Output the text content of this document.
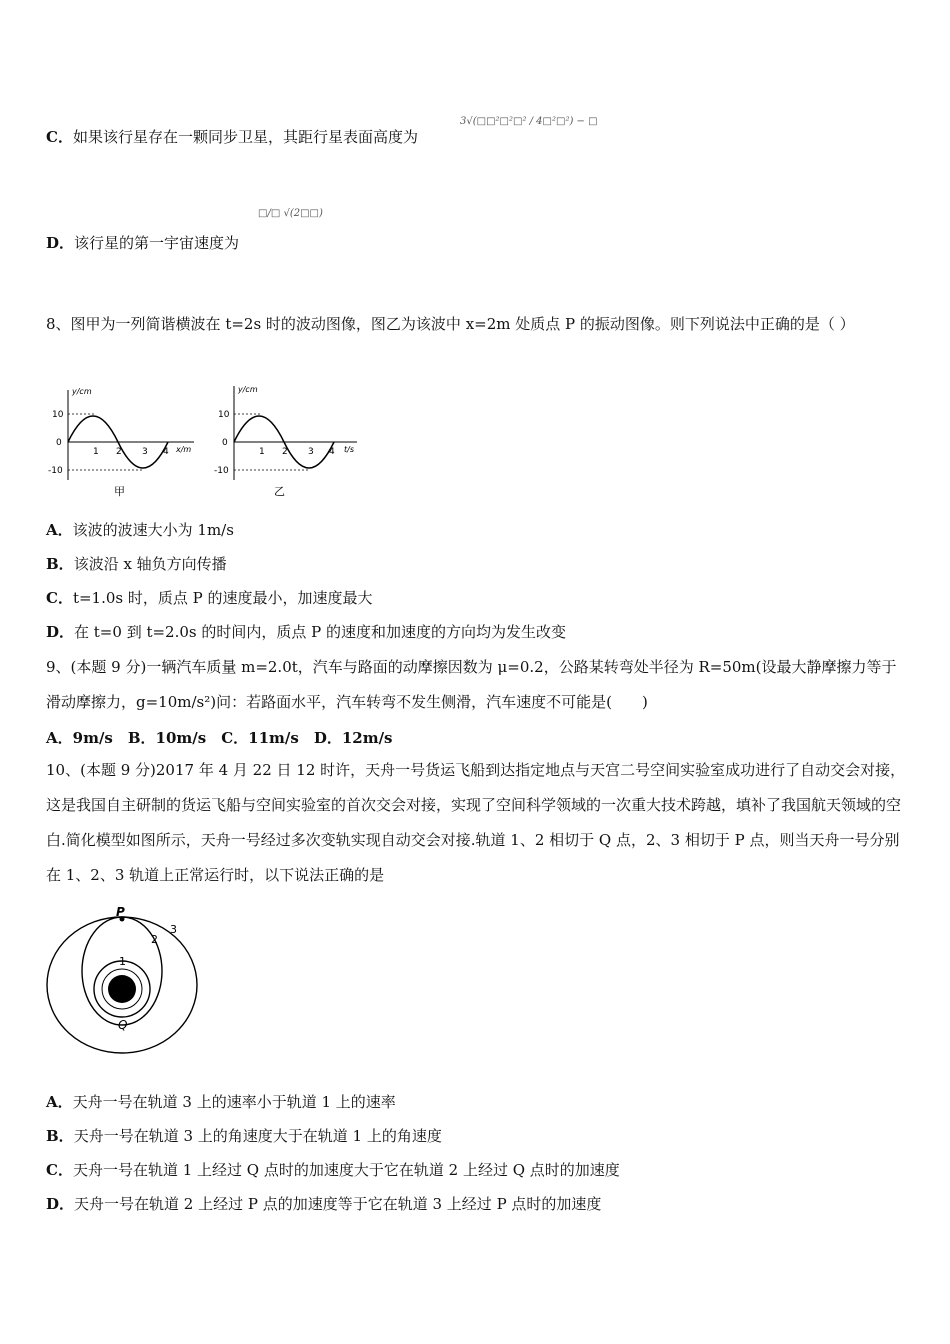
C．如果该行星存在一颗同步卫星，其距行星表面高度为
3√(□□²□²□² / 4□²□²) − □
□/□ √(2□□)
D．该行星的第一宇宙速度为
8、图甲为一列简谐横波在 t=2s 时的波动图像，图乙为该波中 x=2m 处质点 P 的振动图像。则下列说法中正确的是（ ）
y/cm
x/m
10
0
-10
1 2 3 4
甲
y/cm
t/s
10
0
-10
1 2 3 4
乙
A．该波的波速大小为 1m/s
B．该波沿 x 轴负方向传播
C．t=1.0s 时，质点 P 的速度最小，加速度最大
D．在 t=0 到 t=2.0s 的时间内，质点 P 的速度和加速度的方向均为发生改变
9、(本题 9 分)一辆汽车质量 m=2.0t，汽车与路面的动摩擦因数为 μ=0.2，公路某转弯处半径为 R=50m(设最大静摩擦力等于滑动摩擦力，g=10m/s²)问：若路面水平，汽车转弯不发生侧滑，汽车速度不可能是(　　)
A．9m/s　B．10m/s　C．11m/s　D．12m/s
10、(本题 9 分)2017 年 4 月 22 日 12 时许，天舟一号货运飞船到达指定地点与天宫二号空间实验室成功进行了自动交会对接，这是我国自主研制的货运飞船与空间实验室的首次交会对接，实现了空间科学领域的一次重大技术跨越，填补了我国航天领域的空白.简化模型如图所示，天舟一号经过多次变轨实现自动交会对接.轨道 1、2 相切于 Q 点，2、3 相切于 P 点，则当天舟一号分别在 1、2、3 轨道上正常运行时，以下说法正确的是
P
Q
1
2
3
A．天舟一号在轨道 3 上的速率小于轨道 1 上的速率
B．天舟一号在轨道 3 上的角速度大于在轨道 1 上的角速度
C．天舟一号在轨道 1 上经过 Q 点时的加速度大于它在轨道 2 上经过 Q 点时的加速度
D．天舟一号在轨道 2 上经过 P 点的加速度等于它在轨道 3 上经过 P 点时的加速度
